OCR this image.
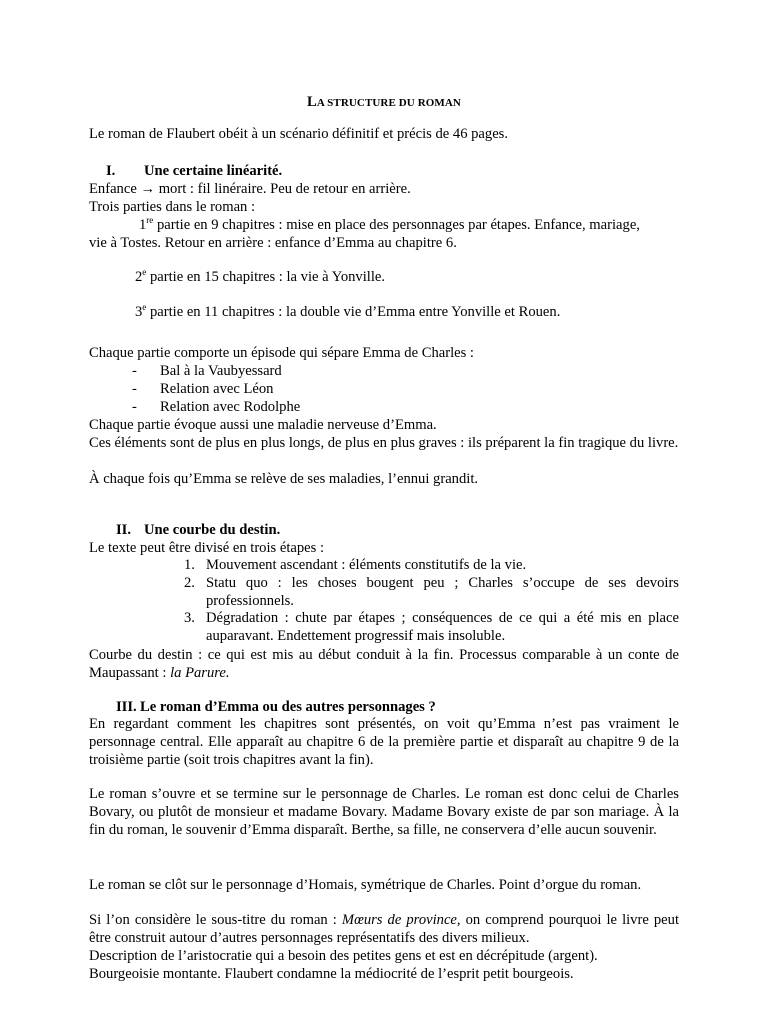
LA STRUCTURE DU ROMAN

Le roman de Flaubert obéit à un scénario définitif et précis de 46 pages.

I. Une certaine linéarité.

Enfance → mort : fil linéraire. Peu de retour en arrière.

Trois parties dans le roman :

1re partie en 9 chapitres : mise en place des personnages par étapes. Enfance, mariage,

vie à Tostes. Retour en arrière : enfance d’Emma au chapitre 6.

2e partie en 15 chapitres : la vie à Yonville.

3e partie en 11 chapitres : la double vie d’Emma entre Yonville et Rouen.

Chaque partie comporte un épisode qui sépare Emma de Charles :

- Bal à la Vaubyessard
- Relation avec Léon
- Relation avec Rodolphe

Chaque partie évoque aussi une maladie nerveuse d’Emma.

Ces éléments sont de plus en plus longs, de plus en plus graves : ils préparent la fin tragique du livre.

À chaque fois qu’Emma se relève de ses maladies, l’ennui grandit.

II. Une courbe du destin.

Le texte peut être divisé en trois étapes :

1. Mouvement ascendant : éléments constitutifs de la vie.
2. Statu quo : les choses bougent peu ; Charles s’occupe de ses devoirs professionnels.
3. Dégradation : chute par étapes ; conséquences de ce qui a été mis en place auparavant. Endettement progressif mais insoluble.

Courbe du destin : ce qui est mis au début conduit à la fin. Processus comparable à un conte de Maupassant : la Parure.

III. Le roman d’Emma ou des autres personnages ?

En regardant comment les chapitres sont présentés, on voit qu’Emma n’est pas vraiment le personnage central. Elle apparaît au chapitre 6 de la première partie et disparaît au chapitre 9 de la troisième partie (soit trois chapitres avant la fin).

Le roman s’ouvre et se termine sur le personnage de Charles. Le roman est donc celui de Charles Bovary, ou plutôt de monsieur et madame Bovary. Madame Bovary existe de par son mariage. À la fin du roman, le souvenir d’Emma disparaît. Berthe, sa fille, ne conservera d’elle aucun souvenir.

Le roman se clôt sur le personnage d’Homais, symétrique de Charles. Point d’orgue du roman.

Si l’on considère le sous-titre du roman : Mœurs de province, on comprend pourquoi le livre peut être construit autour d’autres personnages représentatifs des divers milieux.

Description de l’aristocratie qui a besoin des petites gens et est en décrépitude (argent).

Bourgeoisie montante. Flaubert condamne la médiocrité de l’esprit petit bourgeois.
